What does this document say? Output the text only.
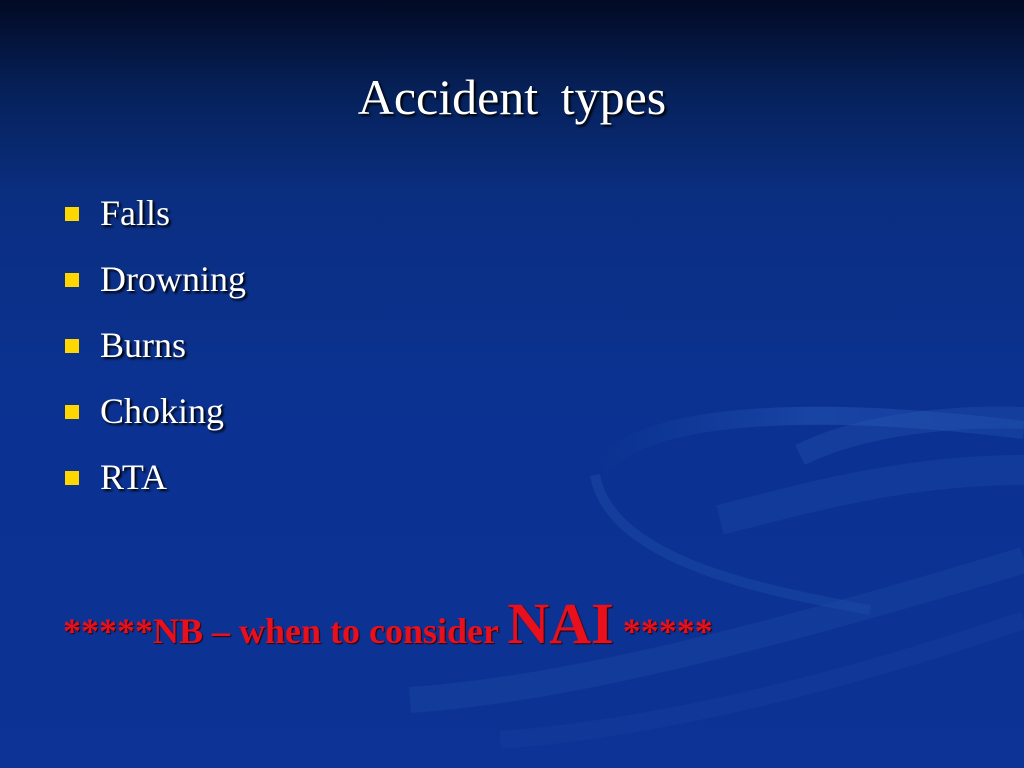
Accident types
Falls
Drowning
Burns
Choking
RTA
*****NB – when to consider NAI *****
